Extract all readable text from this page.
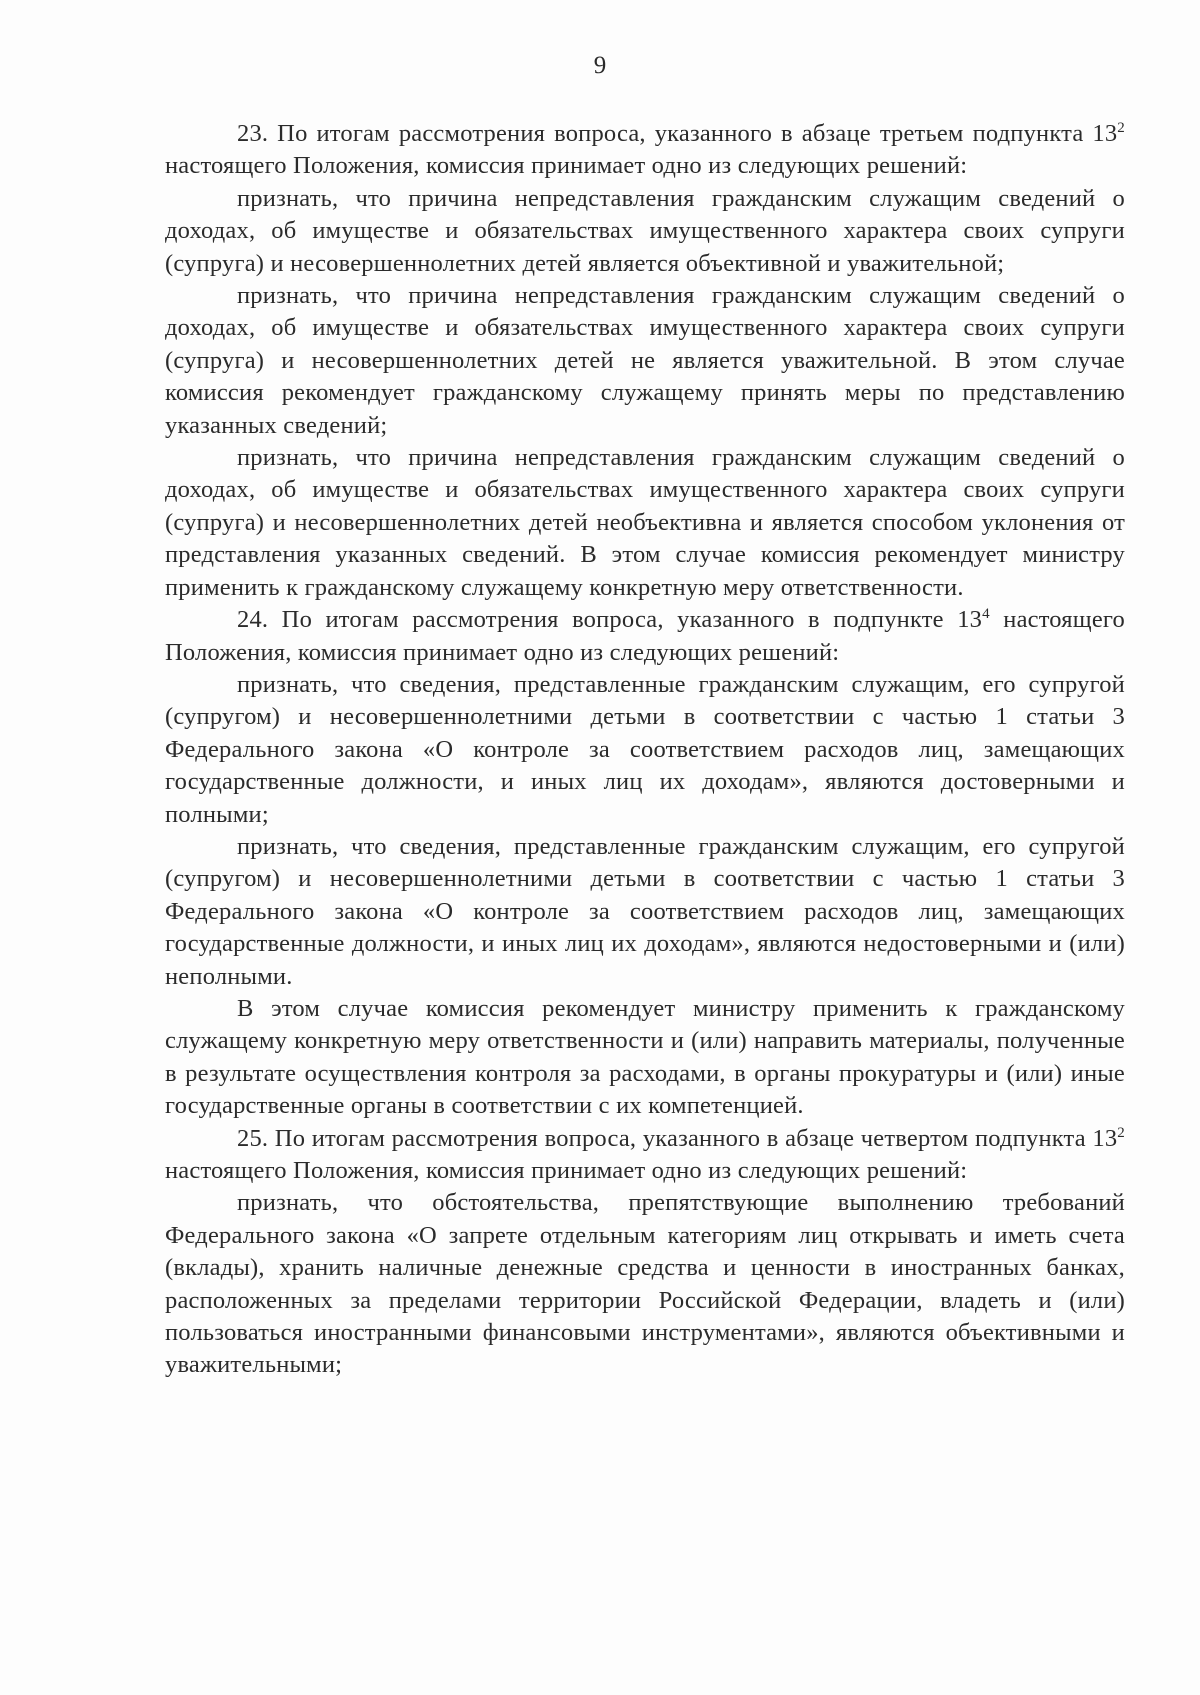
9

23. По итогам рассмотрения вопроса, указанного в абзаце третьем подпункта $13^2$ настоящего Положения, комиссия принимает одно из следующих решений:

признать, что причина непредставления гражданским служащим сведений о доходах, об имуществе и обязательствах имущественного характера своих супруги (супруга) и несовершеннолетних детей является объективной и уважительной;

признать, что причина непредставления гражданским служащим сведений о доходах, об имуществе и обязательствах имущественного характера своих супруги (супруга) и несовершеннолетних детей не является уважительной. В этом случае комиссия рекомендует гражданскому служащему принять меры по представлению указанных сведений;

признать, что причина непредставления гражданским служащим сведений о доходах, об имуществе и обязательствах имущественного характера своих супруги (супруга) и несовершеннолетних детей необъективна и является способом уклонения от представления указанных сведений. В этом случае комиссия рекомендует министру применить к гражданскому служащему конкретную меру ответственности.

24. По итогам рассмотрения вопроса, указанного в подпункте $13^4$ настоящего Положения, комиссия принимает одно из следующих решений:

признать, что сведения, представленные гражданским служащим, его супругой (супругом) и несовершеннолетними детьми в соответствии с частью 1 статьи 3 Федерального закона «О контроле за соответствием расходов лиц, замещающих государственные должности, и иных лиц их доходам», являются достоверными и полными;

признать, что сведения, представленные гражданским служащим, его супругой (супругом) и несовершеннолетними детьми в соответствии с частью 1 статьи 3 Федерального закона «О контроле за соответствием расходов лиц, замещающих государственные должности, и иных лиц их доходам», являются недостоверными и (или) неполными.

В этом случае комиссия рекомендует министру применить к гражданскому служащему конкретную меру ответственности и (или) направить материалы, полученные в результате осуществления контроля за расходами, в органы прокуратуры и (или) иные государственные органы в соответствии с их компетенцией.

25. По итогам рассмотрения вопроса, указанного в абзаце четвертом подпункта $13^2$ настоящего Положения, комиссия принимает одно из следующих решений:

признать, что обстоятельства, препятствующие выполнению требований Федерального закона «О запрете отдельным категориям лиц открывать и иметь счета (вклады), хранить наличные денежные средства и ценности в иностранных банках, расположенных за пределами территории Российской Федерации, владеть и (или) пользоваться иностранными финансовыми инструментами», являются объективными и уважительными;
